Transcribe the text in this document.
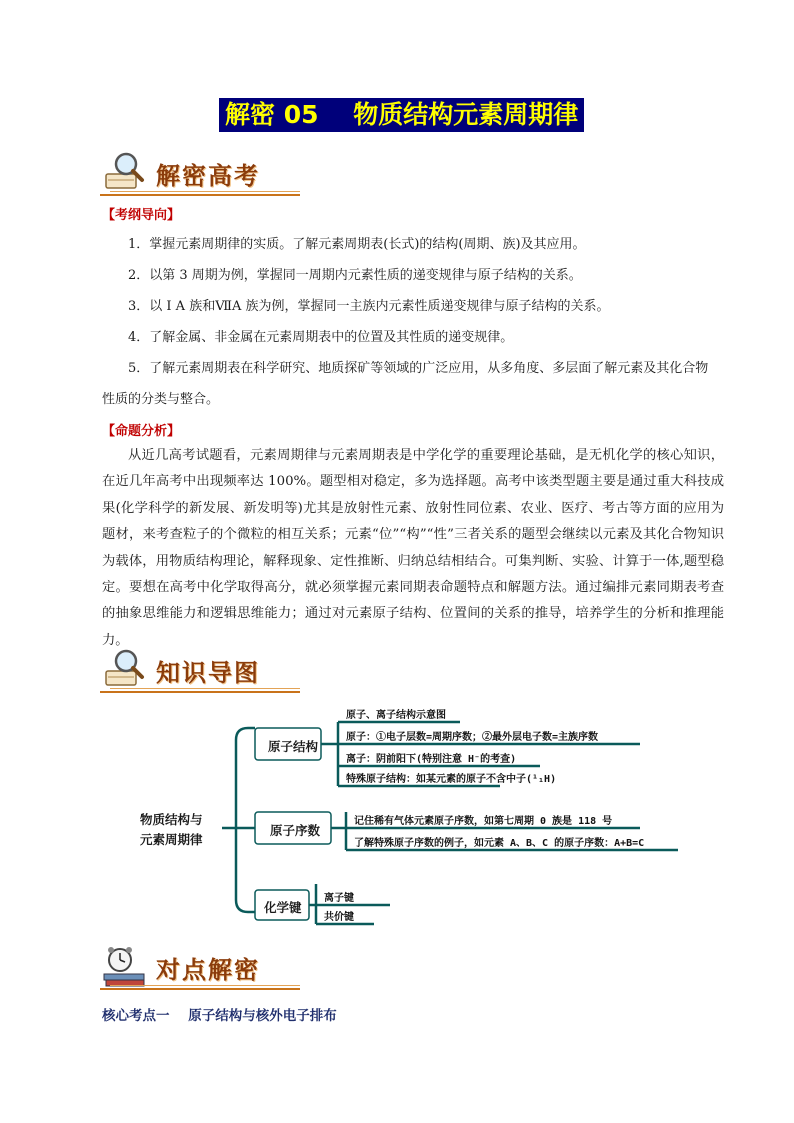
解密 05    物质结构元素周期律
解密高考
【考纲导向】
1．掌握元素周期律的实质。了解元素周期表(长式)的结构(周期、族)及其应用。
2．以第 3 周期为例，掌握同一周期内元素性质的递变规律与原子结构的关系。
3．以 I A 族和ⅦA 族为例，掌握同一主族内元素性质递变规律与原子结构的关系。
4．了解金属、非金属在元素周期表中的位置及其性质的递变规律。
5．了解元素周期表在科学研究、地质探矿等领域的广泛应用，从多角度、多层面了解元素及其化合物
性质的分类与整合。
【命题分析】
从近几高考试题看，元素周期律与元素周期表是中学化学的重要理论基础，是无机化学的核心知识，在近几年高考中出现频率达 100%。题型相对稳定，多为选择题。高考中该类型题主要是通过重大科技成果(化学科学的新发展、新发明等)尤其是放射性元素、放射性同位素、农业、医疗、考古等方面的应用为题材，来考查粒子的个微粒的相互关系；元素“位”“构”“性”三者关系的题型会继续以元素及其化合物知识为载体，用物质结构理论，解释现象、定性推断、归纳总结相结合。可集判断、实验、计算于一体,题型稳定。要想在高考中化学取得高分，就必须掌握元素同期表命题特点和解题方法。通过编排元素同期表考查的抽象思维能力和逻辑思维能力；通过对元素原子结构、位置间的关系的推导，培养学生的分析和推理能力。
知识导图
物质结构与
元素周期律
原子结构
原子序数
化学键
原子、离子结构示意图
原子：①电子层数=周期序数；②最外层电子数=主族序数
离子：阴前阳下(特别注意 H⁻的考查)
特殊原子结构：如某元素的原子不含中子(¹₁H)
记住稀有气体元素原子序数，如第七周期 0 族是 118 号
了解特殊原子序数的例子，如元素 A、B、C 的原子序数：A+B=C
离子键
共价键
对点解密
核心考点一    原子结构与核外电子排布
